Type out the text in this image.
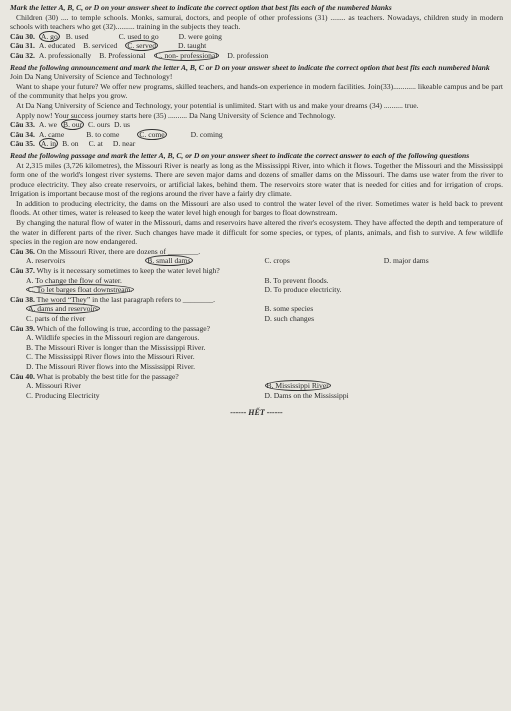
Mark the letter A, B, C, or D on your answer sheet to indicate the correct option that best fits each of the numbered blanks

Children (30) .... to temple schools. Monks, samurai, doctors, and people of other professions (31) ........ as teachers. Nowadays, children study in modern schools with teachers who get (32).......... training in the subjects they teach.

Câu 30. A. go B. used	C. used to go	D. were going
Câu 31. A. educated B. serviced C. served	D. taught
Câu 32. A. professionally B. Professional C. non- professional D. profession

Read the following announcement and mark the letter A, B, C or D on your answer sheet to indicate the correct option that best fits each numbered blank

Join Da Nang University of Science and Technology!

Want to shape your future? We offer new programs, skilled teachers, and hands-on experience in modern facilities. Join(33)............ likeable campus and be part of the community that helps you grow.

At Da Nang University of Science and Technology, your potential is unlimited. Start with us and make your dreams (34) .......... true.

Apply now! Your success journey starts here (35) .......... Da Nang University of Science and Technology.

Câu 33. A. we B. our C. ours D. us
Câu 34. A. came	B. to come	C. come	D. coming
Câu 35. A. in B. on C. at D. near

Read the following passage and mark the letter A, B, C, or D on your answer sheet to indicate the correct answer to each of the following questions

At 2,315 miles (3,726 kilometres), the Missouri River is nearly as long as the Mississippi River, into which it flows. Together the Missouri and the Mississippi form one of the world's longest river systems. There are seven major dams and dozens of smaller dams on the Missouri. The dams use water from the river to produce electricity. They also create reservoirs, or artificial lakes, behind them. The reservoirs store water that is needed for cities and for irrigation of crops. Irrigation is important because most of the regions around the river have a fairly dry climate.

In addition to producing electricity, the dams on the Missouri are also used to control the water level of the river. Sometimes water is held back to prevent floods. At other times, water is released to keep the water level high enough for barges to float downstream.

By changing the natural flow of water in the Missouri, dams and reservoirs have altered the river's ecosystem. They have affected the depth and temperature of the water in different parts of the river. Such changes have made it difficult for some species, or types, of plants, animals, and fish to survive. A few wildlife species in the region are now endangered.

Câu 36. On the Missouri River, there are dozens of ________.

A. reservoirs	B. small dams	C. crops	D. major dams

Câu 37. Why is it necessary sometimes to keep the water level high?

A. To change the flow of water.	B. To prevent floods.
C. To let barges float downstream.	D. To produce electricity.

Câu 38. The word “They” in the last paragraph refers to ________.

A. dams and reservoirs	B. some species
C. parts of the river	D. such changes

Câu 39. Which of the following is true, according to the passage?

A. Wildlife species in the Missouri region are dangerous.

B. The Missouri River is longer than the Mississippi River.

C. The Mississippi River flows into the Missouri River.

D. The Missouri River flows into the Mississippi River.

Câu 40. What is probably the best title for the passage?

A. Missouri River	B. Mississippi River
C. Producing Electricity	D. Dams on the Mississippi

------ HẾT ------
